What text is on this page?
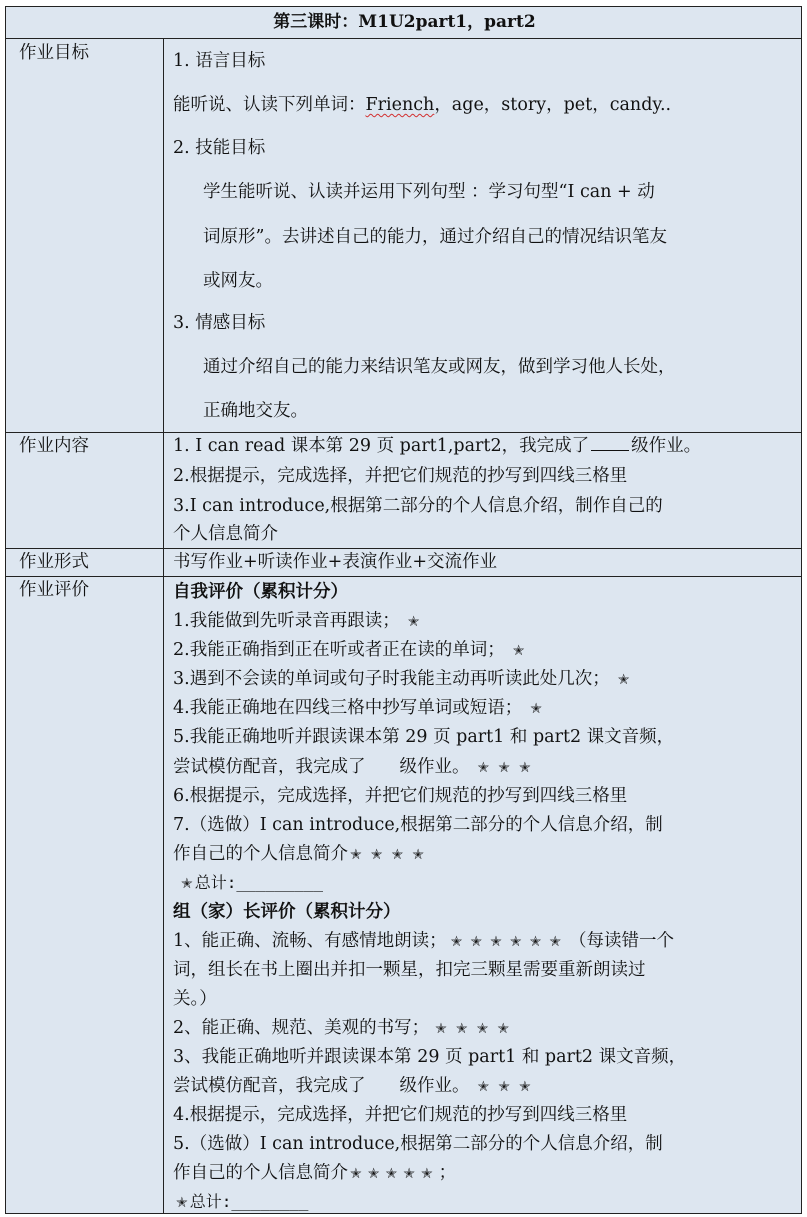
第三课时：M1U2part1，part2
作业目标
作业内容
作业形式
作业评价
1. 语言目标
能听说、认读下列单词：Friench，age，story，pet，candy..
2. 技能目标
学生能听说、认读并运用下列句型 ：学习句型“I can + 动
词原形”。去讲述自己的能力，通过介绍自己的情况结识笔友
或网友。
3. 情感目标
通过介绍自己的能力来结识笔友或网友，做到学习他人长处，
正确地交友。
1. I can read 课本第 29 页 part1,part2，我完成了 级作业。
2.根据提示，完成选择，并把它们规范的抄写到四线三格里
3.I can introduce,根据第二部分的个人信息介绍，制作自己的
个人信息简介
书写作业+听读作业+表演作业+交流作业
自我评价（累积计分）
1.我能做到先听录音再跟读； ✭
2.我能正确指到正在听或者正在读的单词； ✭
3.遇到不会读的单词或句子时我能主动再听读此处几次； ✭
4.我能正确地在四线三格中抄写单词或短语； ✭
5.我能正确地听并跟读课本第 29 页 part1 和 part2 课文音频，
尝试模仿配音，我完成了 级作业。 ✭✭✭
6.根据提示，完成选择，并把它们规范的抄写到四线三格里
7.（选做）I can introduce,根据第二部分的个人信息介绍，制
作自己的个人信息简介 ✭✭✭✭
✭ 总计:_________
组（家）长评价（累积计分）
1、能正确、流畅、有感情地朗读； ✭✭✭✭✭✭（每读错一个
词，组长在书上圈出并扣一颗星，扣完三颗星需要重新朗读过
关。）
2、能正确、规范、美观的书写； ✭✭✭✭
3、我能正确地听并跟读课本第 29 页 part1 和 part2 课文音频，
尝试模仿配音，我完成了 级作业。 ✭✭✭
4.根据提示，完成选择，并把它们规范的抄写到四线三格里
5.（选做）I can introduce,根据第二部分的个人信息介绍，制
作自己的个人信息简介 ✭✭✭✭✭；
✭ 总计:________
